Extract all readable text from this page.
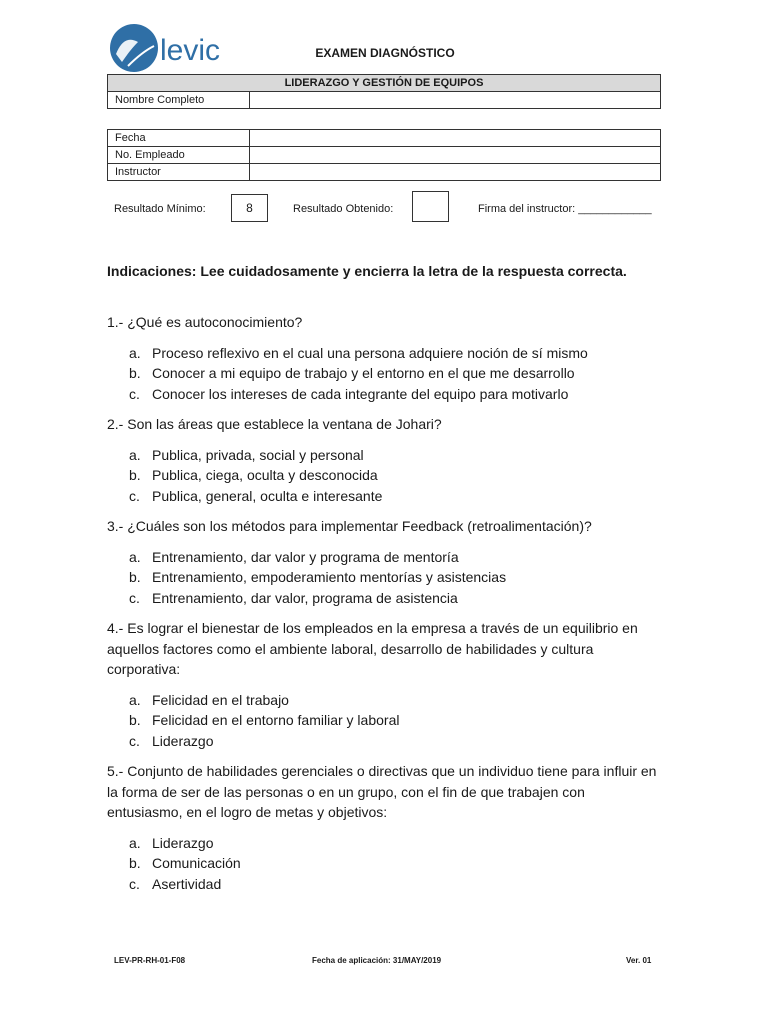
levic	EXAMEN DIAGNÓSTICO
LIDERAZGO Y GESTIÓN DE EQUIPOS
Nombre Completo	
Fecha	
No. Empleado	
Instructor	
Resultado Mínimo:	8	Resultado Obtenido:	Firma del instructor: ____________
Indicaciones: Lee cuidadosamente y encierra la letra de la respuesta correcta.
1.- ¿Qué es autoconocimiento?
a. Proceso reflexivo en el cual una persona adquiere noción de sí mismo
b. Conocer a mi equipo de trabajo y el entorno en el que me desarrollo
c. Conocer los intereses de cada integrante del equipo para motivarlo
2.- Son las áreas que establece la ventana de Johari?
a. Publica, privada, social y personal
b. Publica, ciega, oculta y desconocida
c. Publica, general, oculta e interesante
3.- ¿Cuáles son los métodos para implementar Feedback (retroalimentación)?
a. Entrenamiento, dar valor y programa de mentoría
b. Entrenamiento, empoderamiento mentorías y asistencias
c. Entrenamiento, dar valor, programa de asistencia
4.- Es lograr el bienestar de los empleados en la empresa a través de un equilibrio en aquellos factores como el ambiente laboral, desarrollo de habilidades y cultura corporativa:
a. Felicidad en el trabajo
b. Felicidad en el entorno familiar y laboral
c. Liderazgo
5.- Conjunto de habilidades gerenciales o directivas que un individuo tiene para influir en la forma de ser de las personas o en un grupo, con el fin de que trabajen con entusiasmo, en el logro de metas y objetivos:
a. Liderazgo
b. Comunicación
c. Asertividad
LEV-PR-RH-01-F08	Fecha de aplicación: 31/MAY/2019	Ver. 01
